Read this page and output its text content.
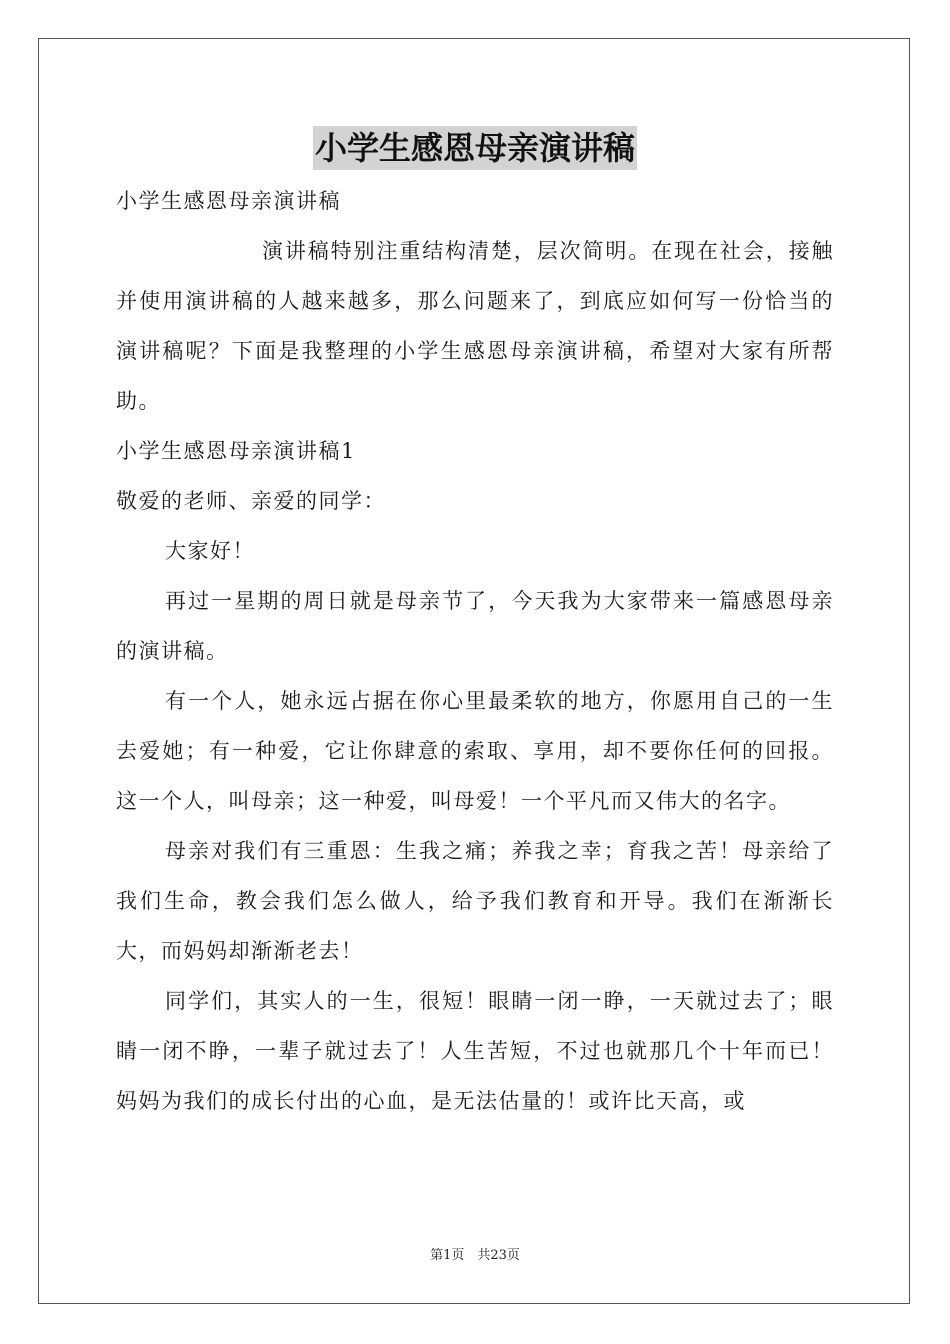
小学生感恩母亲演讲稿

小学生感恩母亲演讲稿

演讲稿特别注重结构清楚，层次简明。在现在社会，接触并使用演讲稿的人越来越多，那么问题来了，到底应如何写一份恰当的演讲稿呢？下面是我整理的小学生感恩母亲演讲稿，希望对大家有所帮助。

小学生感恩母亲演讲稿1

敬爱的老师、亲爱的同学：

大家好！

再过一星期的周日就是母亲节了，今天我为大家带来一篇感恩母亲的演讲稿。

有一个人，她永远占据在你心里最柔软的地方，你愿用自己的一生去爱她；有一种爱，它让你肆意的索取、享用，却不要你任何的回报。这一个人，叫母亲；这一种爱，叫母爱！一个平凡而又伟大的名字。

母亲对我们有三重恩：生我之痛；养我之幸；育我之苦！母亲给了我们生命，教会我们怎么做人，给予我们教育和开导。我们在渐渐长大，而妈妈却渐渐老去！

同学们，其实人的一生，很短！眼睛一闭一睁，一天就过去了；眼睛一闭不睁，一辈子就过去了！人生苦短，不过也就那几个十年而已！妈妈为我们的成长付出的心血，是无法估量的！或许比天高，或

第1页　共23页
